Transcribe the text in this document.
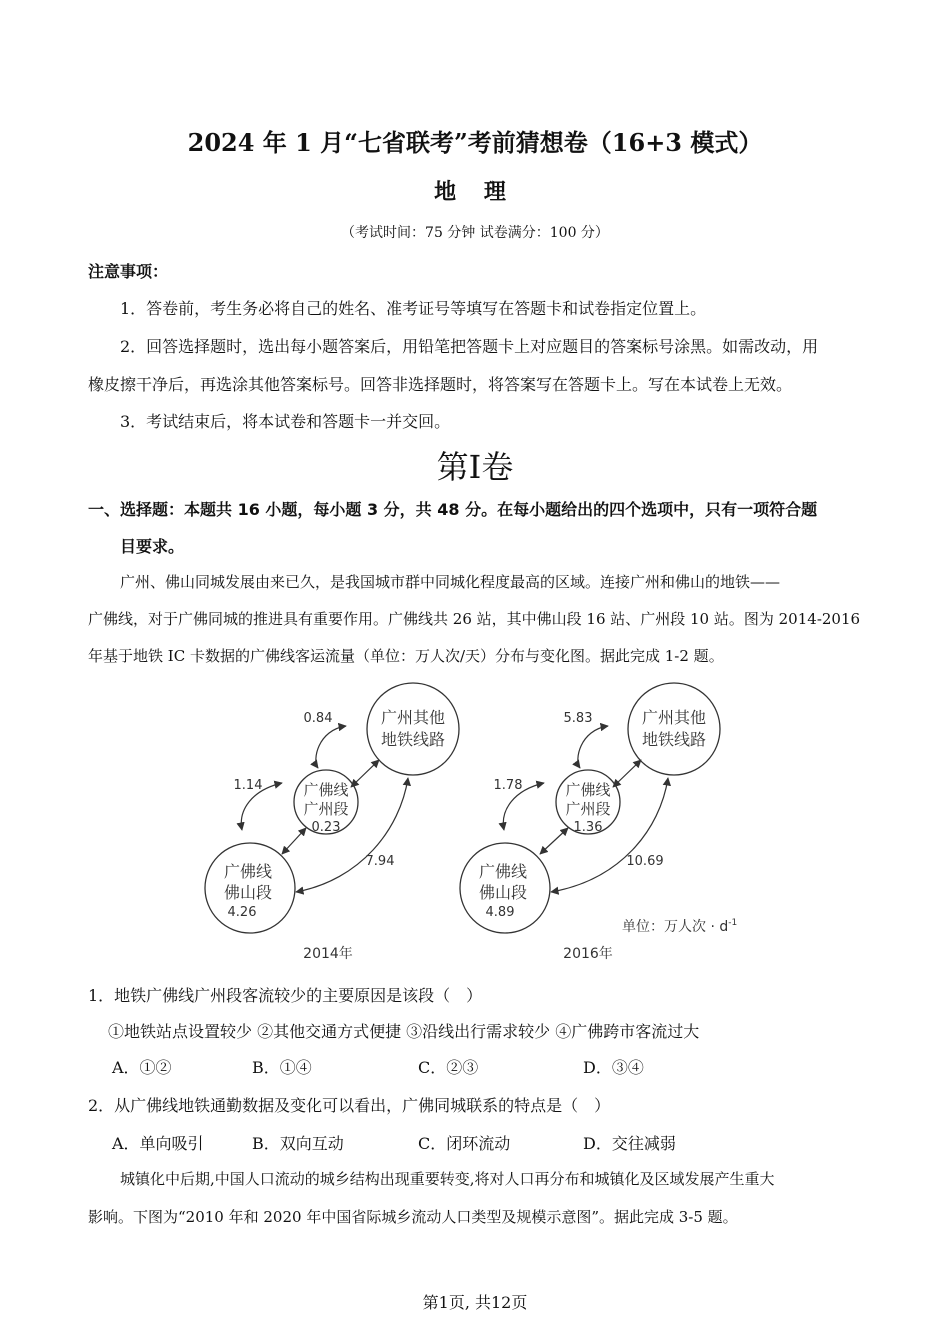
2024 年 1 月“七省联考”考前猜想卷（16+3 模式）
地 理
（考试时间：75 分钟 试卷满分：100 分）
注意事项：
1．答卷前，考生务必将自己的姓名、准考证号等填写在答题卡和试卷指定位置上。
2．回答选择题时，选出每小题答案后，用铅笔把答题卡上对应题目的答案标号涂黑。如需改动，用
橡皮擦干净后，再选涂其他答案标号。回答非选择题时，将答案写在答题卡上。写在本试卷上无效。
3．考试结束后，将本试卷和答题卡一并交回。
第I卷
一、选择题：本题共 16 小题，每小题 3 分，共 48 分。在每小题给出的四个选项中，只有一项符合题
目要求。
广州、佛山同城发展由来已久，是我国城市群中同城化程度最高的区域。连接广州和佛山的地铁——
广佛线，对于广佛同城的推进具有重要作用。广佛线共 26 站，其中佛山段 16 站、广州段 10 站。图为 2014-2016
年基于地铁 IC 卡数据的广佛线客运流量（单位：万人次/天）分布与变化图。据此完成 1-2 题。
广州其他
地铁线路
广佛线
广州段
0.23
广佛线
佛山段
4.26
0.84
1.14
7.94
2014年
广州其他
地铁线路
广佛线
广州段
1.36
广佛线
佛山段
4.89
5.83
1.78
10.69
2016年
单位：万人次 · $d^{-1}$
1．地铁广佛线广州段客流较少的主要原因是该段（　）
①地铁站点设置较少 ②其他交通方式便捷 ③沿线出行需求较少 ④广佛跨市客流过大
A．①②	B．①④	C．②③	D．③④
2．从广佛线地铁通勤数据及变化可以看出，广佛同城联系的特点是（　）
A．单向吸引	B．双向互动	C．闭环流动	D．交往减弱
城镇化中后期,中国人口流动的城乡结构出现重要转变,将对人口再分布和城镇化及区域发展产生重大
影响。下图为“2010 年和 2020 年中国省际城乡流动人口类型及规模示意图”。据此完成 3-5 题。
第1页, 共12页
